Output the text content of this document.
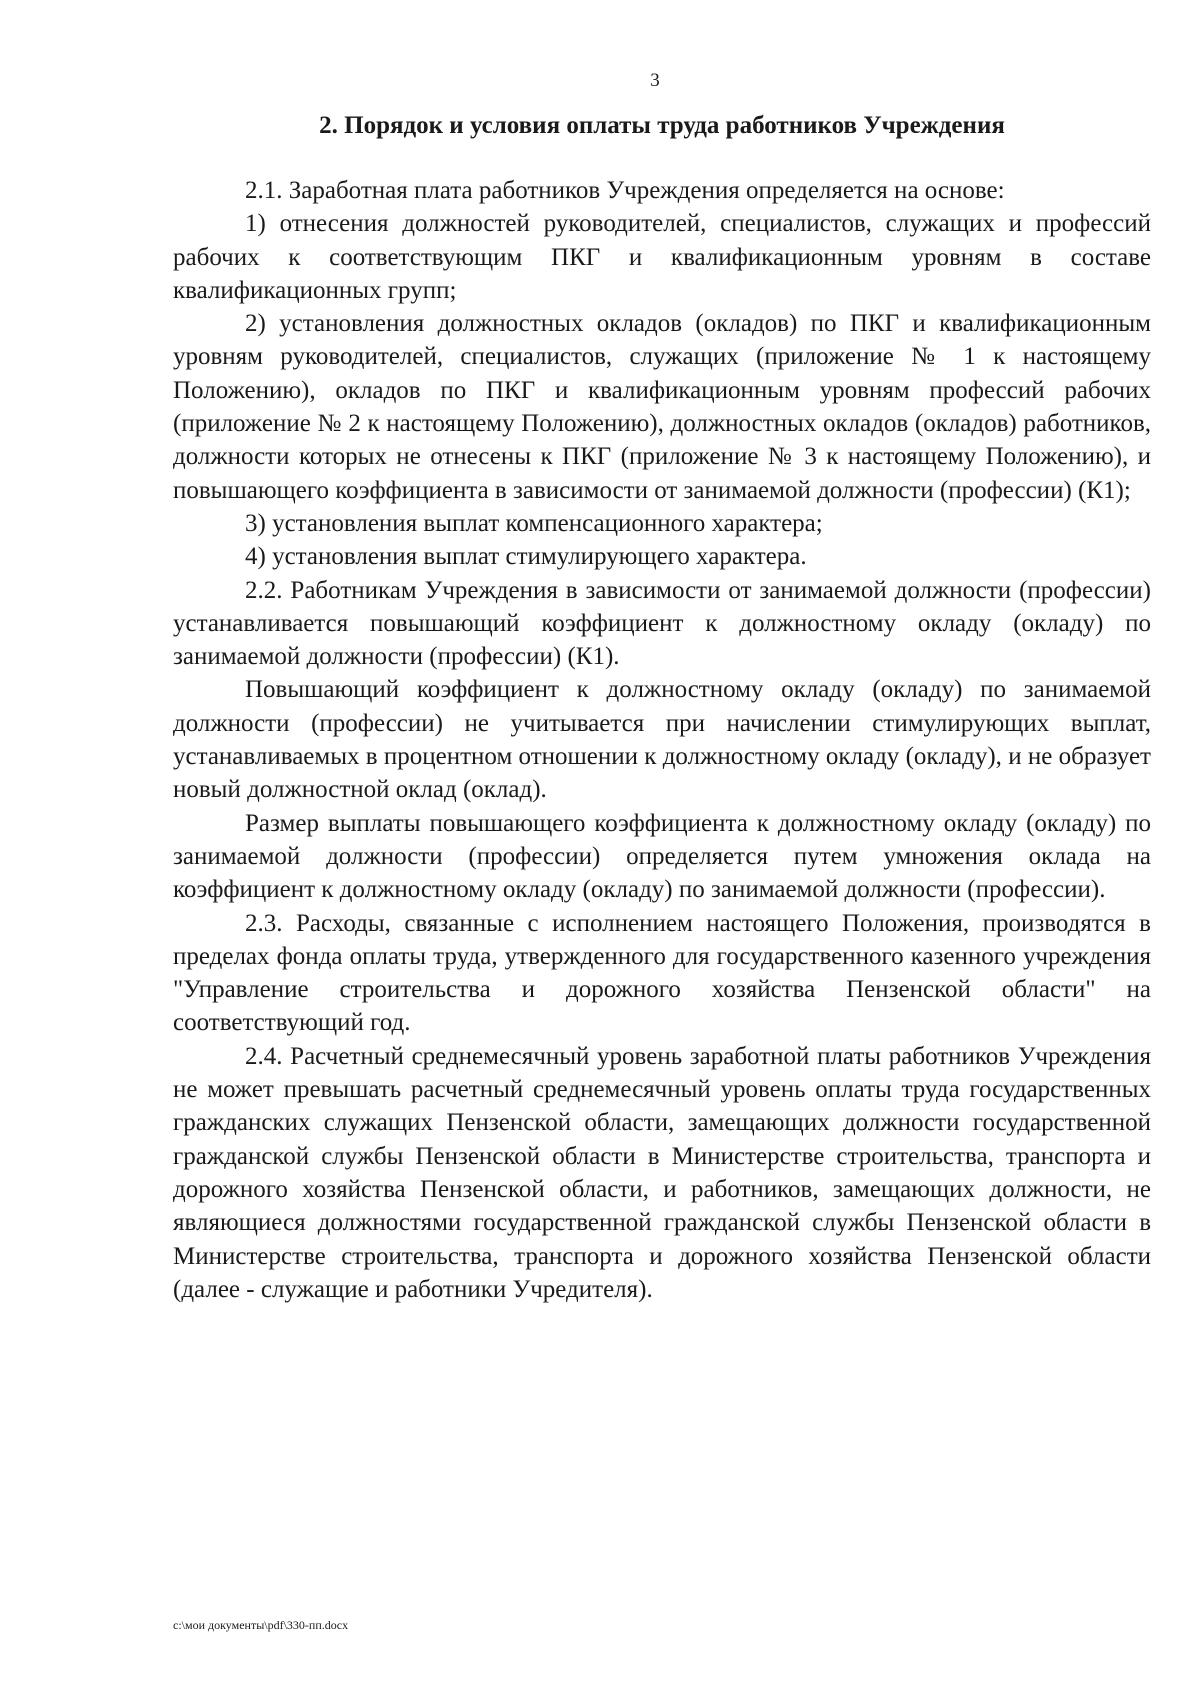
3
2. Порядок и условия оплаты труда работников Учреждения

2.1. Заработная плата работников Учреждения определяется на основе:

1) отнесения должностей руководителей, специалистов, служащих и профессий рабочих к соответствующим ПКГ и квалификационным уровням в составе квалификационных групп;

2) установления должностных окладов (окладов) по ПКГ и квалификационным уровням руководителей, специалистов, служащих (приложение № 1 к настоящему Положению), окладов по ПКГ и квалификационным уровням профессий рабочих (приложение № 2 к настоящему Положению), должностных окладов (окладов) работников, должности которых не отнесены к ПКГ (приложение № 3 к настоящему Положению), и повышающего коэффициента в зависимости от занимаемой должности (профессии) (К1);

3) установления выплат компенсационного характера;

4) установления выплат стимулирующего характера.

2.2. Работникам Учреждения в зависимости от занимаемой должности (профессии) устанавливается повышающий коэффициент к должностному окладу (окладу) по занимаемой должности (профессии) (К1).

Повышающий коэффициент к должностному окладу (окладу) по занимаемой должности (профессии) не учитывается при начислении стимулирующих выплат, устанавливаемых в процентном отношении к должностному окладу (окладу), и не образует новый должностной оклад (оклад).

Размер выплаты повышающего коэффициента к должностному окладу (окладу) по занимаемой должности (профессии) определяется путем умножения оклада на коэффициент к должностному окладу (окладу) по занимаемой должности (профессии).

2.3. Расходы, связанные с исполнением настоящего Положения, производятся в пределах фонда оплаты труда, утвержденного для государственного казенного учреждения "Управление строительства и дорожного хозяйства Пензенской области" на соответствующий год.

2.4. Расчетный среднемесячный уровень заработной платы работников Учреждения не может превышать расчетный среднемесячный уровень оплаты труда государственных гражданских служащих Пензенской области, замещающих должности государственной гражданской службы Пензенской области в Министерстве строительства, транспорта и дорожного хозяйства Пензенской области, и работников, замещающих должности, не являющиеся должностями государственной гражданской службы Пензенской области в Министерстве строительства, транспорта и дорожного хозяйства Пензенской области (далее - служащие и работники Учредителя).

c:\мои документы\pdf\330-пп.docx
